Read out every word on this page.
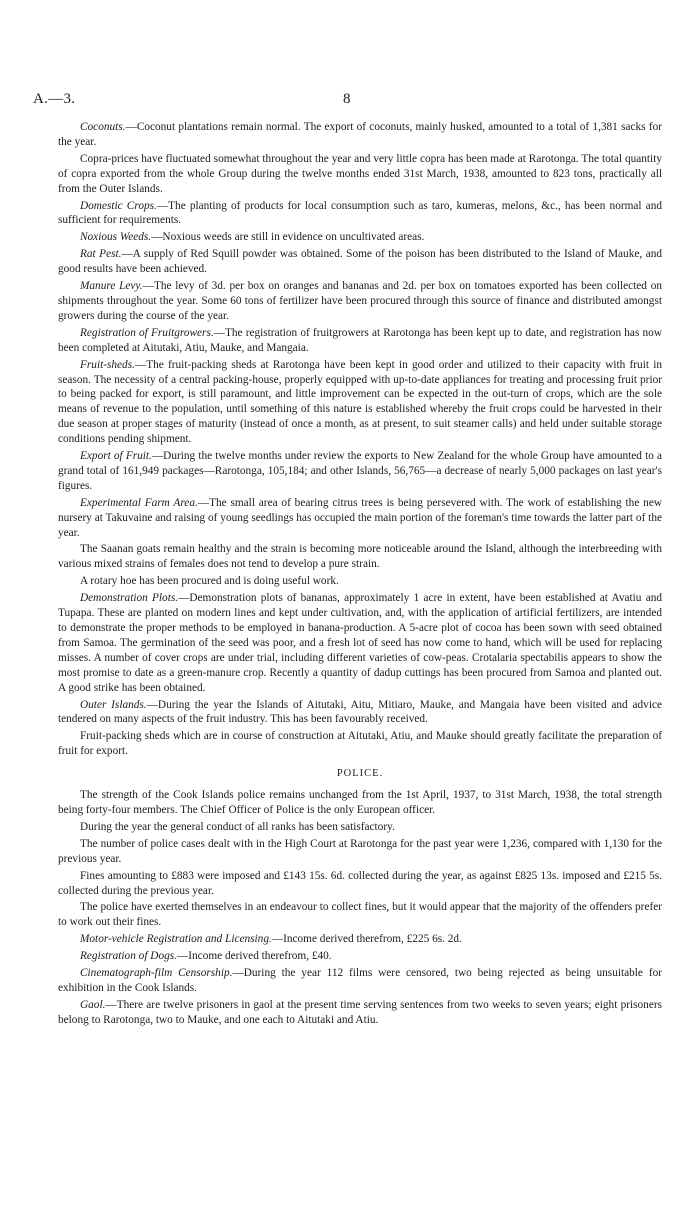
A.—3.	8

Coconuts.—Coconut plantations remain normal. The export of coconuts, mainly husked, amounted to a total of 1,381 sacks for the year.

Copra-prices have fluctuated somewhat throughout the year and very little copra has been made at Rarotonga. The total quantity of copra exported from the whole Group during the twelve months ended 31st March, 1938, amounted to 823 tons, practically all from the Outer Islands.

Domestic Crops.—The planting of products for local consumption such as taro, kumeras, melons, &c., has been normal and sufficient for requirements.

Noxious Weeds.—Noxious weeds are still in evidence on uncultivated areas.

Rat Pest.—A supply of Red Squill powder was obtained. Some of the poison has been distributed to the Island of Mauke, and good results have been achieved.

Manure Levy.—The levy of 3d. per box on oranges and bananas and 2d. per box on tomatoes exported has been collected on shipments throughout the year. Some 60 tons of fertilizer have been procured through this source of finance and distributed amongst growers during the course of the year.

Registration of Fruitgrowers.—The registration of fruitgrowers at Rarotonga has been kept up to date, and registration has now been completed at Aitutaki, Atiu, Mauke, and Mangaia.

Fruit-sheds.—The fruit-packing sheds at Rarotonga have been kept in good order and utilized to their capacity with fruit in season. The necessity of a central packing-house, properly equipped with up-to-date appliances for treating and processing fruit prior to being packed for export, is still paramount, and little improvement can be expected in the out-turn of crops, which are the sole means of revenue to the population, until something of this nature is established whereby the fruit crops could be harvested in their due season at proper stages of maturity (instead of once a month, as at present, to suit steamer calls) and held under suitable storage conditions pending shipment.

Export of Fruit.—During the twelve months under review the exports to New Zealand for the whole Group have amounted to a grand total of 161,949 packages—Rarotonga, 105,184; and other Islands, 56,765—a decrease of nearly 5,000 packages on last year's figures.

Experimental Farm Area.—The small area of bearing citrus trees is being persevered with. The work of establishing the new nursery at Takuvaine and raising of young seedlings has occupied the main portion of the foreman's time towards the latter part of the year.

The Saanan goats remain healthy and the strain is becoming more noticeable around the Island, although the interbreeding with various mixed strains of females does not tend to develop a pure strain.

A rotary hoe has been procured and is doing useful work.

Demonstration Plots.—Demonstration plots of bananas, approximately 1 acre in extent, have been established at Avatiu and Tupapa. These are planted on modern lines and kept under cultivation, and, with the application of artificial fertilizers, are intended to demonstrate the proper methods to be employed in banana-production. A 5-acre plot of cocoa has been sown with seed obtained from Samoa. The germination of the seed was poor, and a fresh lot of seed has now come to hand, which will be used for replacing misses. A number of cover crops are under trial, including different varieties of cow-peas. Crotalaria spectabilis appears to show the most promise to date as a green-manure crop. Recently a quantity of dadup cuttings has been procured from Samoa and planted out. A good strike has been obtained.

Outer Islands.—During the year the Islands of Aitutaki, Aitu, Mitiaro, Mauke, and Mangaia have been visited and advice tendered on many aspects of the fruit industry. This has been favourably received.

Fruit-packing sheds which are in course of construction at Aitutaki, Atiu, and Mauke should greatly facilitate the preparation of fruit for export.

POLICE.

The strength of the Cook Islands police remains unchanged from the 1st April, 1937, to 31st March, 1938, the total strength being forty-four members. The Chief Officer of Police is the only European officer.

During the year the general conduct of all ranks has been satisfactory.

The number of police cases dealt with in the High Court at Rarotonga for the past year were 1,236, compared with 1,130 for the previous year.

Fines amounting to £883 were imposed and £143 15s. 6d. collected during the year, as against £825 13s. imposed and £215 5s. collected during the previous year.

The police have exerted themselves in an endeavour to collect fines, but it would appear that the majority of the offenders prefer to work out their fines.

Motor-vehicle Registration and Licensing.—Income derived therefrom, £225 6s. 2d.

Registration of Dogs.—Income derived therefrom, £40.

Cinematograph-film Censorship.—During the year 112 films were censored, two being rejected as being unsuitable for exhibition in the Cook Islands.

Gaol.—There are twelve prisoners in gaol at the present time serving sentences from two weeks to seven years; eight prisoners belong to Rarotonga, two to Mauke, and one each to Aitutaki and Atiu.
